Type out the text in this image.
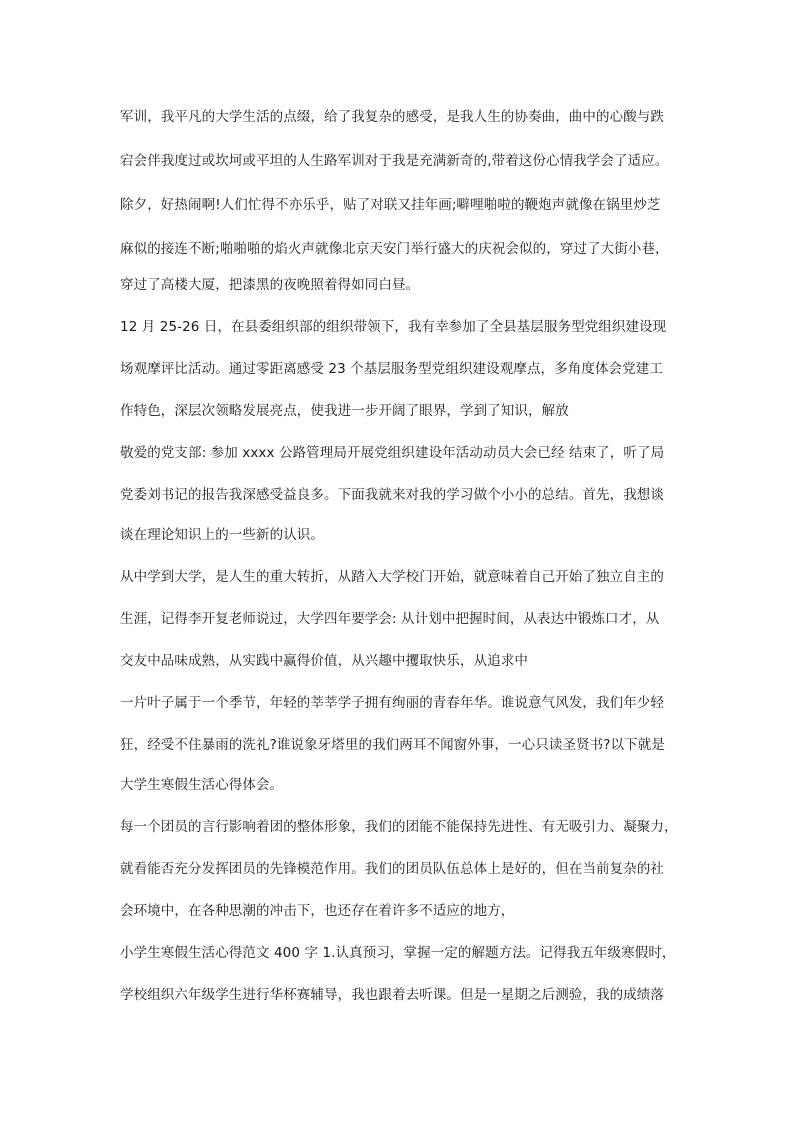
军训，我平凡的大学生活的点缀，给了我复杂的感受，是我人生的协奏曲，曲中的心酸与跌
宕会伴我度过或坎坷或平坦的人生路军训对于我是充满新奇的,带着这份心情我学会了适应。
除夕，好热闹啊!人们忙得不亦乐乎，贴了对联又挂年画;噼哩啪啦的鞭炮声就像在锅里炒芝
麻似的接连不断;啪啪啪的焰火声就像北京天安门举行盛大的庆祝会似的，穿过了大街小巷，
穿过了高楼大厦，把漆黑的夜晚照着得如同白昼。
12 月 25-26 日，在县委组织部的组织带领下，我有幸参加了全县基层服务型党组织建设现
场观摩评比活动。通过零距离感受 23 个基层服务型党组织建设观摩点，多角度体会党建工
作特色，深层次领略发展亮点，使我进一步开阔了眼界，学到了知识，解放
敬爱的党支部: 参加 xxxx 公路管理局开展党组织建设年活动动员大会已经 结束了，听了局
党委刘书记的报告我深感受益良多。下面我就来对我的学习做个小小的总结。首先，我想谈
谈在理论知识上的一些新的认识。
从中学到大学，是人生的重大转折，从踏入大学校门开始，就意味着自己开始了独立自主的
生涯，记得李开复老师说过，大学四年要学会: 从计划中把握时间，从表达中锻炼口才，从
交友中品味成熟，从实践中赢得价值，从兴趣中攫取快乐，从追求中
一片叶子属于一个季节，年轻的莘莘学子拥有绚丽的青春年华。谁说意气风发，我们年少轻
狂，经受不住暴雨的洗礼?谁说象牙塔里的我们两耳不闻窗外事，一心只读圣贤书?以下就是
大学生寒假生活心得体会。
每一个团员的言行影响着团的整体形象，我们的团能不能保持先进性、有无吸引力、凝聚力，
就看能否充分发挥团员的先锋模范作用。我们的团员队伍总体上是好的，但在当前复杂的社
会环境中，在各种思潮的冲击下，也还存在着许多不适应的地方，
小学生寒假生活心得范文 400 字 1.认真预习，掌握一定的解题方法。记得我五年级寒假时，
学校组织六年级学生进行华杯赛辅导，我也跟着去听课。但是一星期之后测验，我的成绩落
